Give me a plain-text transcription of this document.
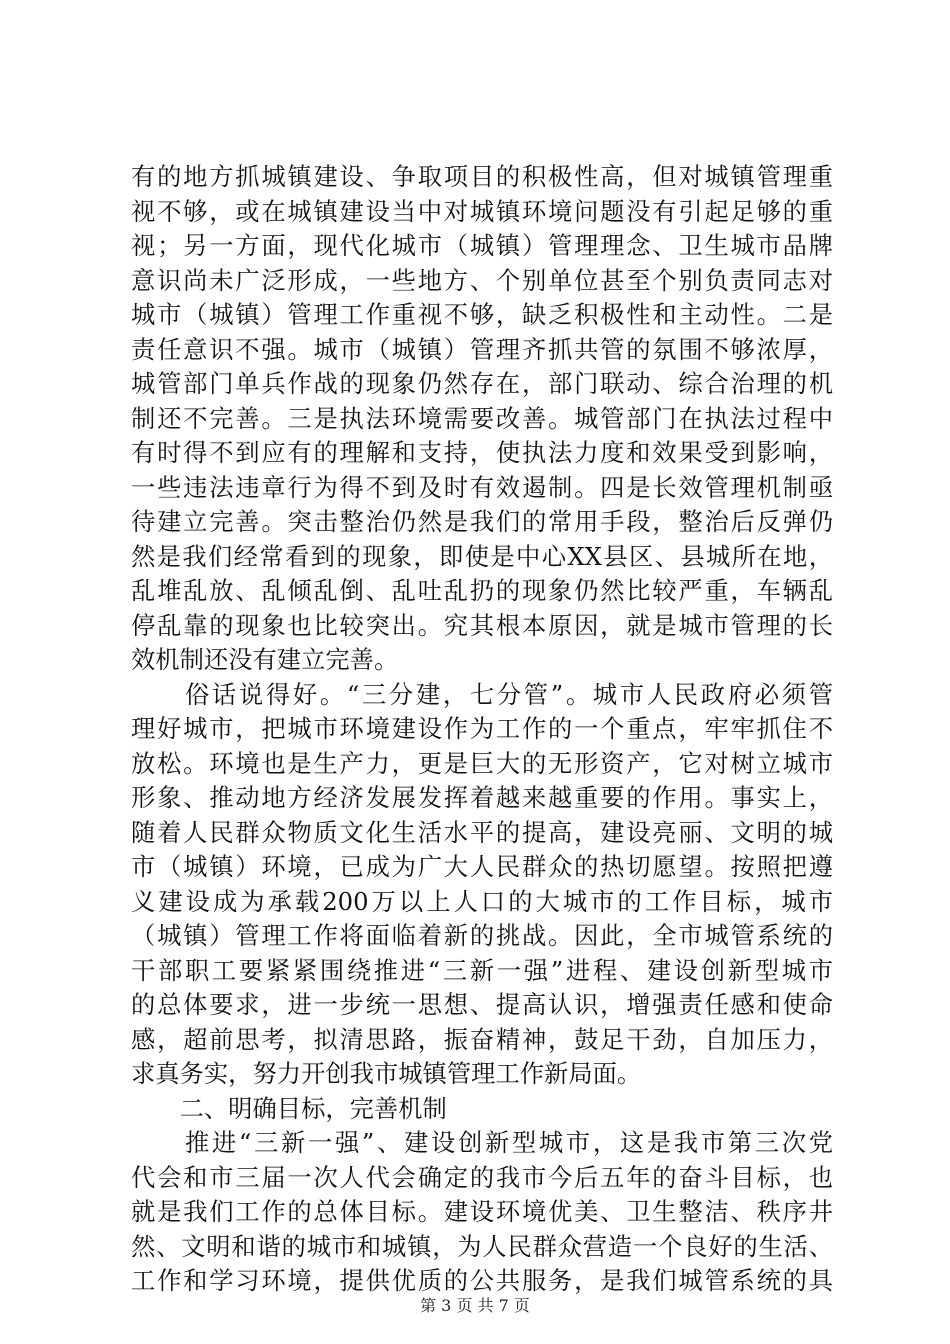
有的地方抓城镇建设、争取项目的积极性高，但对城镇管理重
视不够，或在城镇建设当中对城镇环境问题没有引起足够的重
视；另一方面，现代化城市（城镇）管理理念、卫生城市品牌
意识尚未广泛形成，一些地方、个别单位甚至个别负责同志对
城市（城镇）管理工作重视不够，缺乏积极性和主动性。二是
责任意识不强。城市（城镇）管理齐抓共管的氛围不够浓厚，
城管部门单兵作战的现象仍然存在，部门联动、综合治理的机
制还不完善。三是执法环境需要改善。城管部门在执法过程中
有时得不到应有的理解和支持，使执法力度和效果受到影响，
一些违法违章行为得不到及时有效遏制。四是长效管理机制亟
待建立完善。突击整治仍然是我们的常用手段，整治后反弹仍
然是我们经常看到的现象，即使是中心XX县区、县城所在地，
乱堆乱放、乱倾乱倒、乱吐乱扔的现象仍然比较严重，车辆乱
停乱靠的现象也比较突出。究其根本原因，就是城市管理的长
效机制还没有建立完善。
　　俗话说得好。“三分建，七分管”。城市人民政府必须管
理好城市，把城市环境建设作为工作的一个重点，牢牢抓住不
放松。环境也是生产力，更是巨大的无形资产，它对树立城市
形象、推动地方经济发展发挥着越来越重要的作用。事实上，
随着人民群众物质文化生活水平的提高，建设亮丽、文明的城
市（城镇）环境，已成为广大人民群众的热切愿望。按照把遵
义建设成为承载200万以上人口的大城市的工作目标，城市
（城镇）管理工作将面临着新的挑战。因此，全市城管系统的
干部职工要紧紧围绕推进“三新一强”进程、建设创新型城市
的总体要求，进一步统一思想、提高认识，增强责任感和使命
感，超前思考，拟清思路，振奋精神，鼓足干劲，自加压力，
求真务实，努力开创我市城镇管理工作新局面。
　　二、明确目标，完善机制
　　推进“三新一强”、建设创新型城市，这是我市第三次党
代会和市三届一次人代会确定的我市今后五年的奋斗目标，也
就是我们工作的总体目标。建设环境优美、卫生整洁、秩序井
然、文明和谐的城市和城镇，为人民群众营造一个良好的生活、
工作和学习环境，提供优质的公共服务，是我们城管系统的具
第 3 页 共 7 页
